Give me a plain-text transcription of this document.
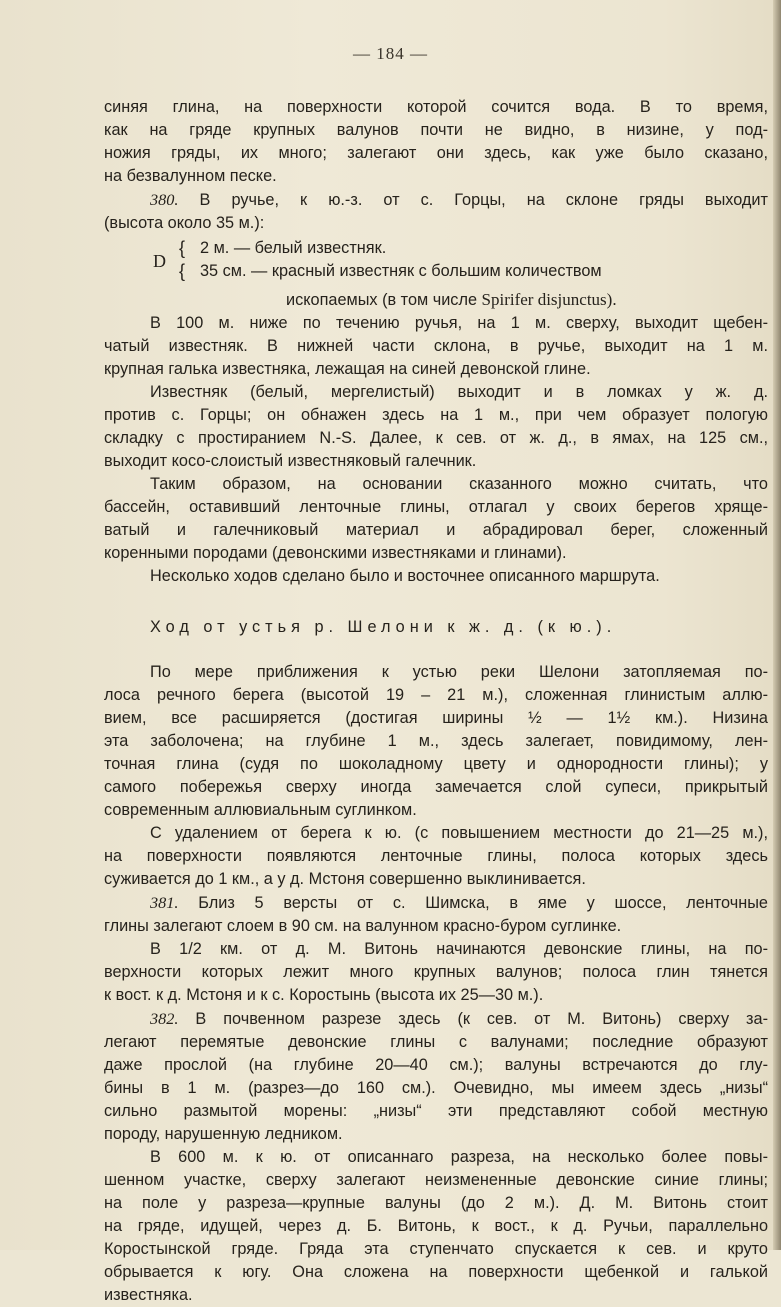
— 184 —
синяя глина, на поверхности которой сочится вода. В то время,
как на гряде крупных валунов почти не видно, в низине, у под-
ножия гряды, их много; залегают они здесь, как уже было сказано,
на безвалунном песке.
380. В ручье, к ю.-з. от с. Горцы, на склоне гряды выходит
(высота около 35 м.):
D
{
{
2 м. — белый известняк.
35 см. — красный известняк с большим количеством
ископаемых (в том числе Spirifer disjunctus).
В 100 м. ниже по течению ручья, на 1 м. сверху, выходит щебен-
чатый известняк. В нижней части склона, в ручье, выходит на 1 м.
крупная галька известняка, лежащая на синей девонской глине.
Известняк (белый, мергелистый) выходит и в ломках у ж. д.
против с. Горцы; он обнажен здесь на 1 м., при чем образует пологую
складку с простиранием N.-S. Далее, к сев. от ж. д., в ямах, на 125 см.,
выходит косо-слоистый известняковый галечник.
Таким образом, на основании сказанного можно считать, что
бассейн, оставивший ленточные глины, отлагал у своих берегов хряще-
ватый и галечниковый материал и абрадировал берег, сложенный
коренными породами (девонскими известняками и глинами).
Несколько ходов сделано было и восточнее описанного маршрута.
Ход от устья р. Шелони к ж. д. (к ю.).
По мере приближения к устью реки Шелони затопляемая по-
лоса речного берега (высотой 19 – 21 м.), сложенная глинистым аллю-
вием, все расширяется (достигая ширины ½ — 1½ км.). Низина
эта заболочена; на глубине 1 м., здесь залегает, повидимому, лен-
точная глина (судя по шоколадному цвету и однородности глины); у
самого побережья сверху иногда замечается слой супеси, прикрытый
современным аллювиальным суглинком.
С удалением от берега к ю. (с повышением местности до 21—25 м.),
на поверхности появляются ленточные глины, полоса которых здесь
суживается до 1 км., а у д. Мстоня совершенно выклинивается.
381. Близ 5 версты от с. Шимска, в яме у шоссе, ленточные
глины залегают слоем в 90 см. на валунном красно-буром суглинке.
В 1/2 км. от д. М. Витонь начинаются девонские глины, на по-
верхности которых лежит много крупных валунов; полоса глин тянется
к вост. к д. Мстоня и к с. Коростынь (высота их 25—30 м.).
382. В почвенном разрезе здесь (к сев. от М. Витонь) сверху за-
легают перемятые девонские глины с валунами; последние образуют
даже прослой (на глубине 20—40 см.); валуны встречаются до глу-
бины в 1 м. (разрез—до 160 см.). Очевидно, мы имеем здесь „низы“
сильно размытой морены: „низы“ эти представляют собой местную
породу, нарушенную ледником.
В 600 м. к ю. от описаннаго разреза, на несколько более повы-
шенном участке, сверху залегают неизмененные девонские синие глины;
на поле у разреза—крупные валуны (до 2 м.). Д. М. Витонь стоит
на гряде, идущей, через д. Б. Витонь, к вост., к д. Ручьи, параллельно
Коростынской гряде. Гряда эта ступенчато спускается к сев. и круто
обрывается к югу. Она сложена на поверхности щебенкой и галькой
известняка.
